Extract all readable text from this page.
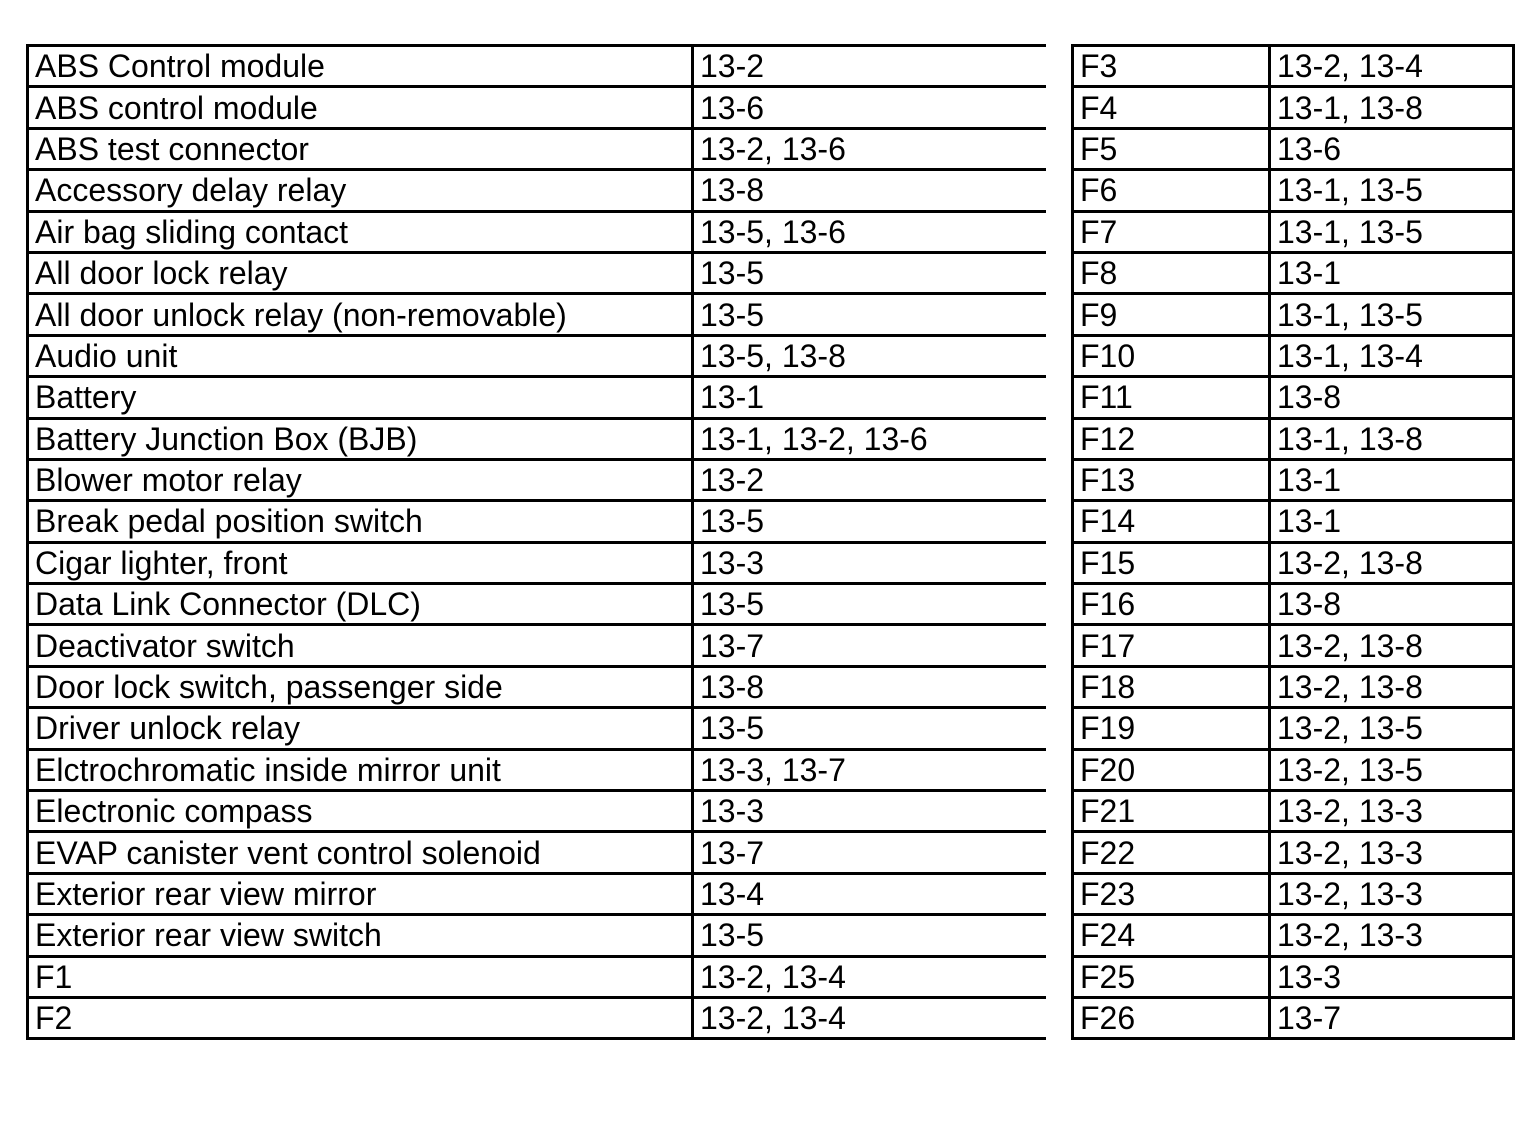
ABS Control module	13-2
ABS control module	13-6
ABS test connector	13-2, 13-6
Accessory delay relay	13-8
Air bag sliding contact	13-5, 13-6
All door lock relay	13-5
All door unlock relay (non-removable)	13-5
Audio unit	13-5, 13-8
Battery	13-1
Battery Junction Box (BJB)	13-1, 13-2, 13-6
Blower motor relay	13-2
Break pedal position switch	13-5
Cigar lighter, front	13-3
Data Link Connector (DLC)	13-5
Deactivator switch	13-7
Door lock switch, passenger side	13-8
Driver unlock relay	13-5
Elctrochromatic inside mirror unit	13-3, 13-7
Electronic compass	13-3
EVAP canister vent control solenoid	13-7
Exterior rear view mirror	13-4
Exterior rear view switch	13-5
F1	13-2, 13-4
F2	13-2, 13-4
F3	13-2, 13-4
F4	13-1, 13-8
F5	13-6
F6	13-1, 13-5
F7	13-1, 13-5
F8	13-1
F9	13-1, 13-5
F10	13-1, 13-4
F11	13-8
F12	13-1, 13-8
F13	13-1
F14	13-1
F15	13-2, 13-8
F16	13-8
F17	13-2, 13-8
F18	13-2, 13-8
F19	13-2, 13-5
F20	13-2, 13-5
F21	13-2, 13-3
F22	13-2, 13-3
F23	13-2, 13-3
F24	13-2, 13-3
F25	13-3
F26	13-7
